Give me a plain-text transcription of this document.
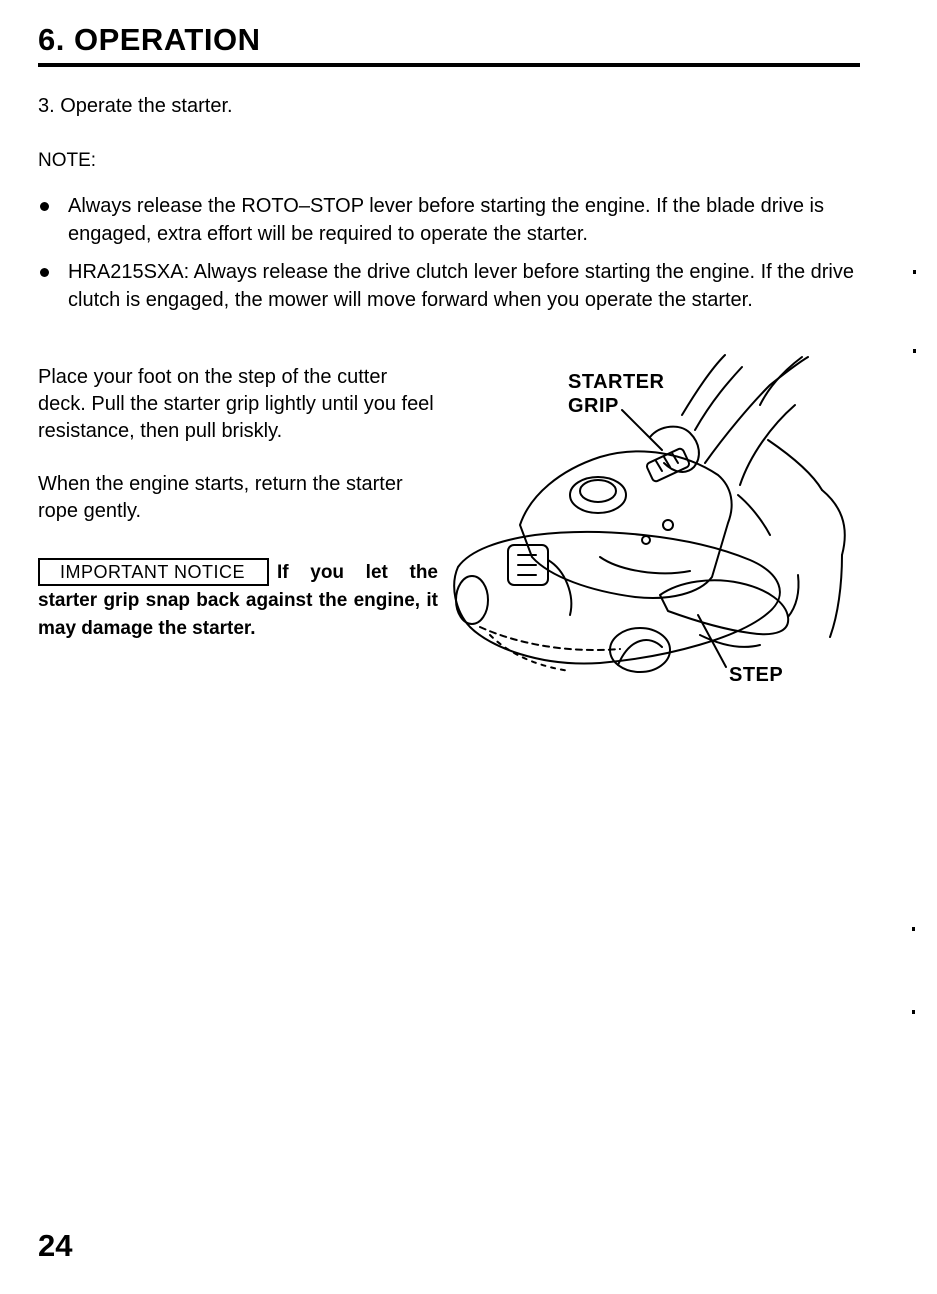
6. OPERATION
3. Operate the starter.
NOTE:
Always release the ROTO–STOP lever before starting the engine. If the blade drive is engaged, extra effort will be required to operate the starter.
HRA215SXA: Always release the drive clutch lever before starting the engine. If the drive clutch is engaged, the mower will move forward when you operate the starter.

Place your foot on the step of the cutter deck. Pull the starter grip lightly until you feel resistance, then pull briskly.

When the engine starts, return the starter rope gently.

IMPORTANT NOTICE If you let the starter grip snap back against the engine, it may damage the starter.

STARTER
GRIP
STEP
24
